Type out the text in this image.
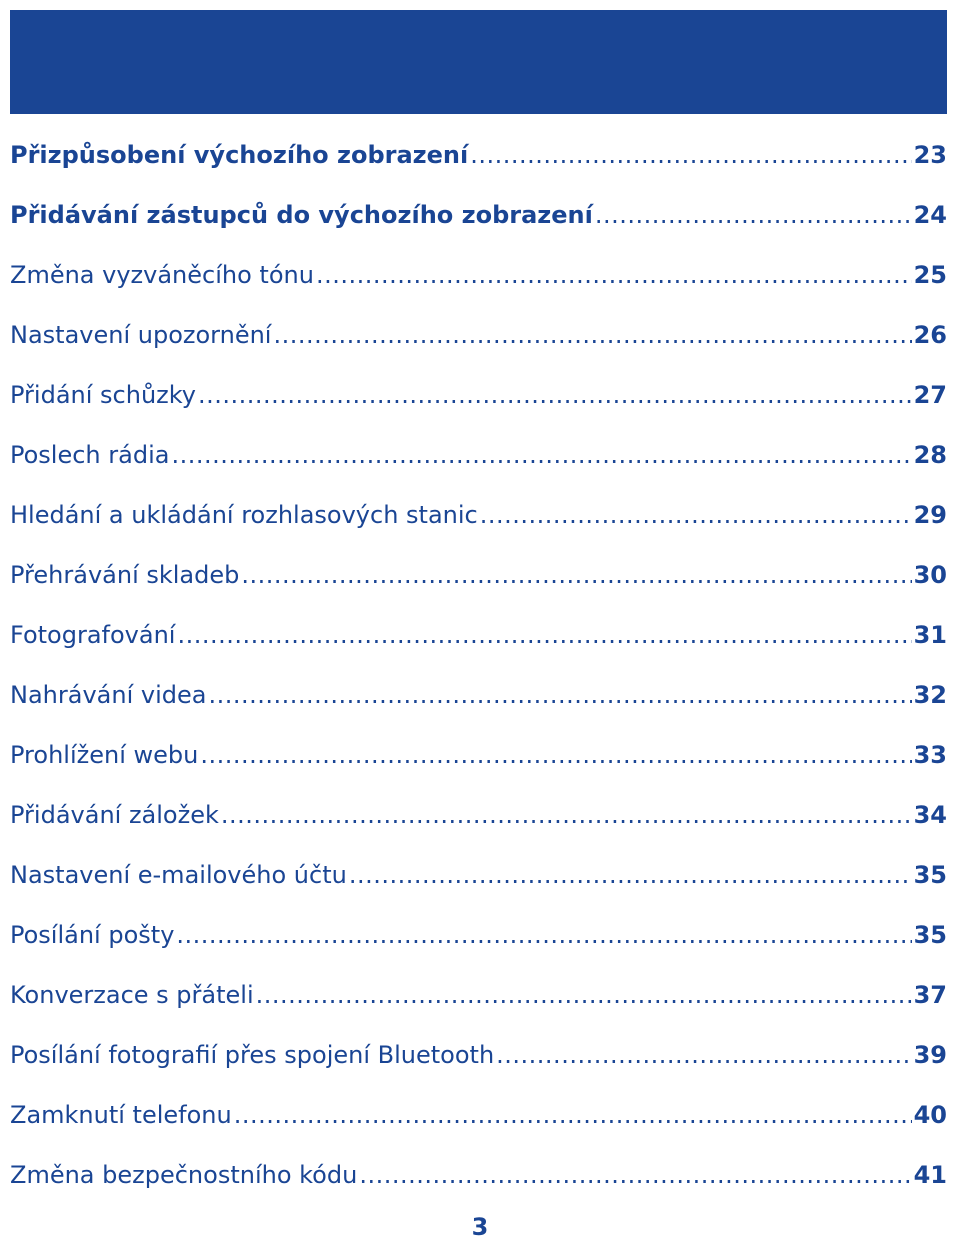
Přizpůsobení výchozího zobrazení .....	23
Přidávání zástupců do výchozího zobrazení .....	24
Změna vyzváněcího tónu .....	25
Nastavení upozornění .....	26
Přidání schůzky .....	27
Poslech rádia .....	28
Hledání a ukládání rozhlasových stanic .....	29
Přehrávání skladeb .....	30
Fotografování .....	31
Nahrávání videa .....	32
Prohlížení webu .....	33
Přidávání záložek .....	34
Nastavení e-mailového účtu .....	35
Posílání pošty .....	35
Konverzace s přáteli .....	37
Posílání fotografií přes spojení Bluetooth .....	39
Zamknutí telefonu .....	40
Změna bezpečnostního kódu .....	41
3
